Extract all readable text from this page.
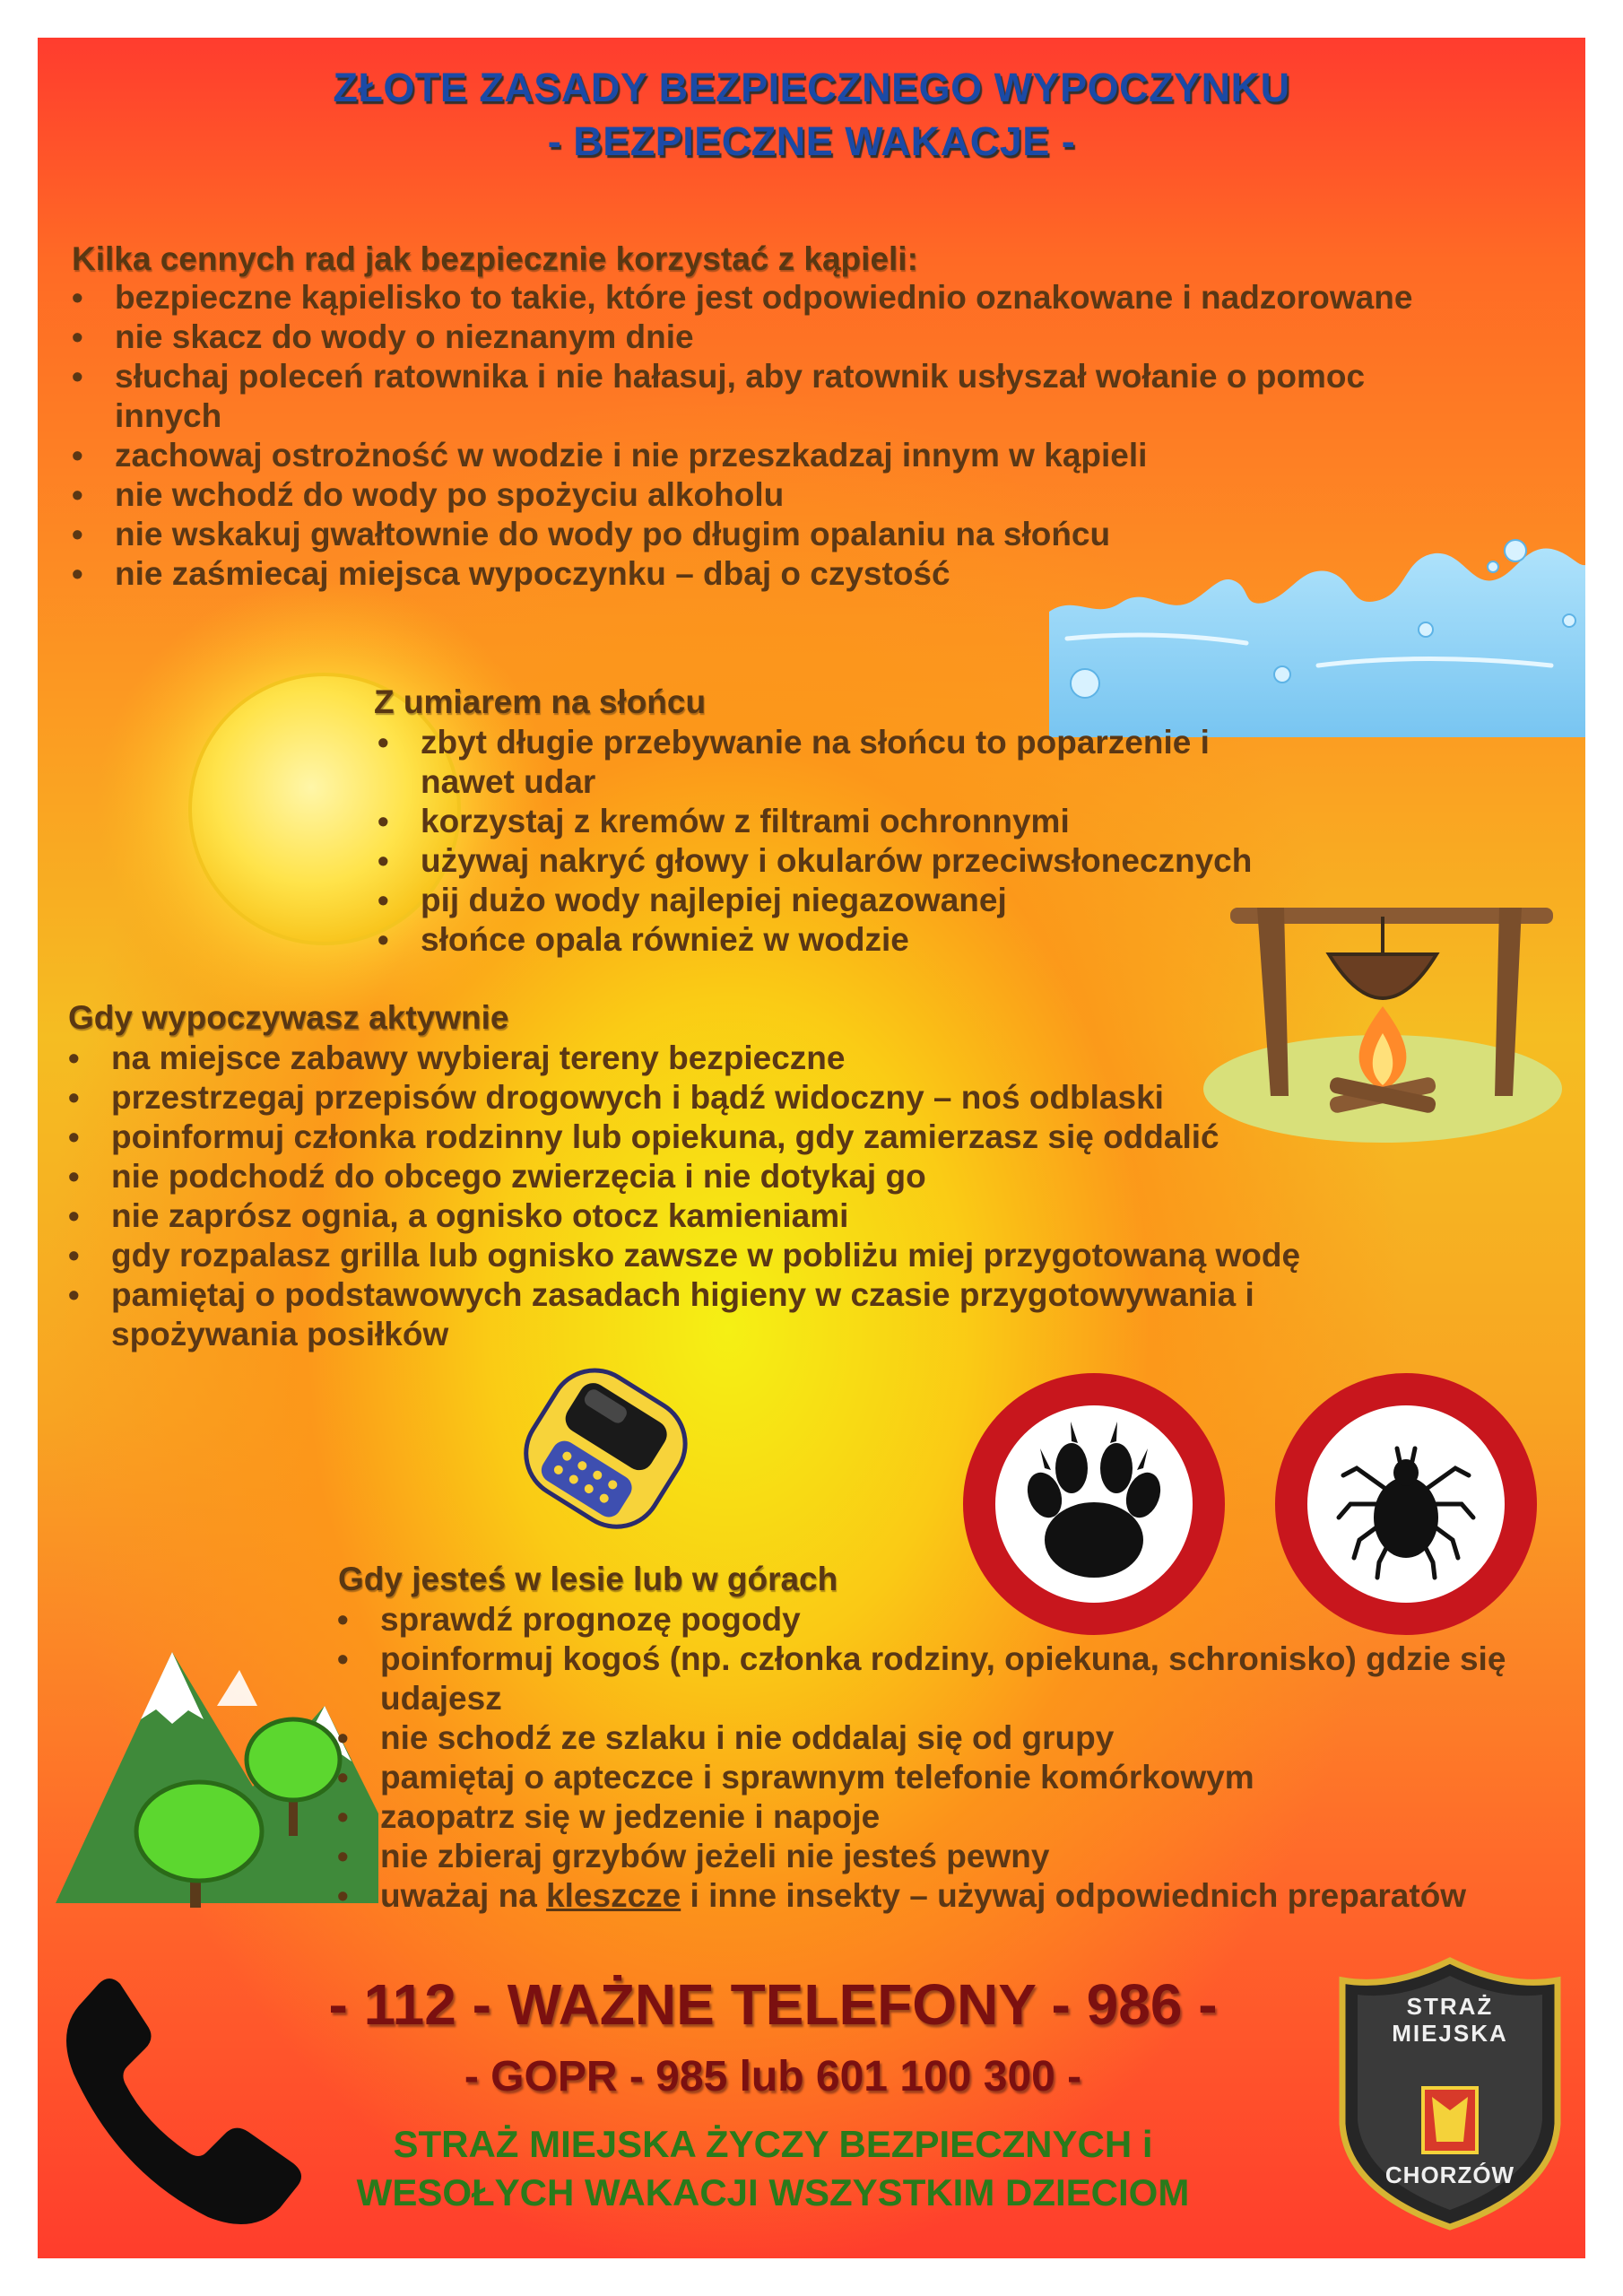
STRAŻ
MIEJSKA
CHORZÓW
ZŁOTE ZASADY BEZPIECZNEGO WYPOCZYNKU
- BEZPIECZNE WAKACJE -
Kilka cennych rad jak bezpiecznie korzystać z kąpieli:
• bezpieczne kąpielisko to takie, które jest odpowiednio oznakowane i nadzorowane
• nie skacz do wody o nieznanym dnie
• słuchaj poleceń ratownika i nie hałasuj, aby ratownik usłyszał wołanie o pomoc innych
• zachowaj ostrożność w wodzie i nie przeszkadzaj innym w kąpieli
• nie wchodź do wody po spożyciu alkoholu
• nie wskakuj gwałtownie do wody po długim opalaniu na słońcu
• nie zaśmiecaj miejsca wypoczynku – dbaj o czystość
Z umiarem na słońcu
• zbyt długie przebywanie na słońcu to poparzenie i nawet udar
• korzystaj z kremów z filtrami ochronnymi
• używaj nakryć głowy i okularów przeciwsłonecznych
• pij dużo wody najlepiej niegazowanej
• słońce opala również w wodzie
Gdy wypoczywasz aktywnie
• na miejsce zabawy wybieraj tereny bezpieczne
• przestrzegaj przepisów drogowych i bądź widoczny – noś odblaski
• poinformuj członka rodzinny lub opiekuna, gdy zamierzasz się oddalić
• nie podchodź do obcego zwierzęcia i nie dotykaj go
• nie zaprósz ognia, a ognisko otocz kamieniami
• gdy rozpalasz grilla lub ognisko zawsze w pobliżu miej przygotowaną wodę
• pamiętaj o podstawowych zasadach higieny w czasie przygotowywania i spożywania posiłków
Gdy jesteś w lesie lub w górach
• sprawdź prognozę pogody
• poinformuj kogoś (np. członka rodziny, opiekuna, schronisko) gdzie się udajesz
• nie schodź ze szlaku i nie oddalaj się od grupy
• pamiętaj o apteczce i sprawnym telefonie komórkowym
• zaopatrz się w jedzenie i napoje
• nie zbieraj grzybów jeżeli nie jesteś pewny
• uważaj na kleszcze i inne insekty – używaj odpowiednich preparatów
- 112 - WAŻNE TELEFONY - 986 -
- GOPR - 985 lub 601 100 300 -
STRAŻ MIEJSKA ŻYCZY BEZPIECZNYCH i
WESOŁYCH WAKACJI WSZYSTKIM DZIECIOM
